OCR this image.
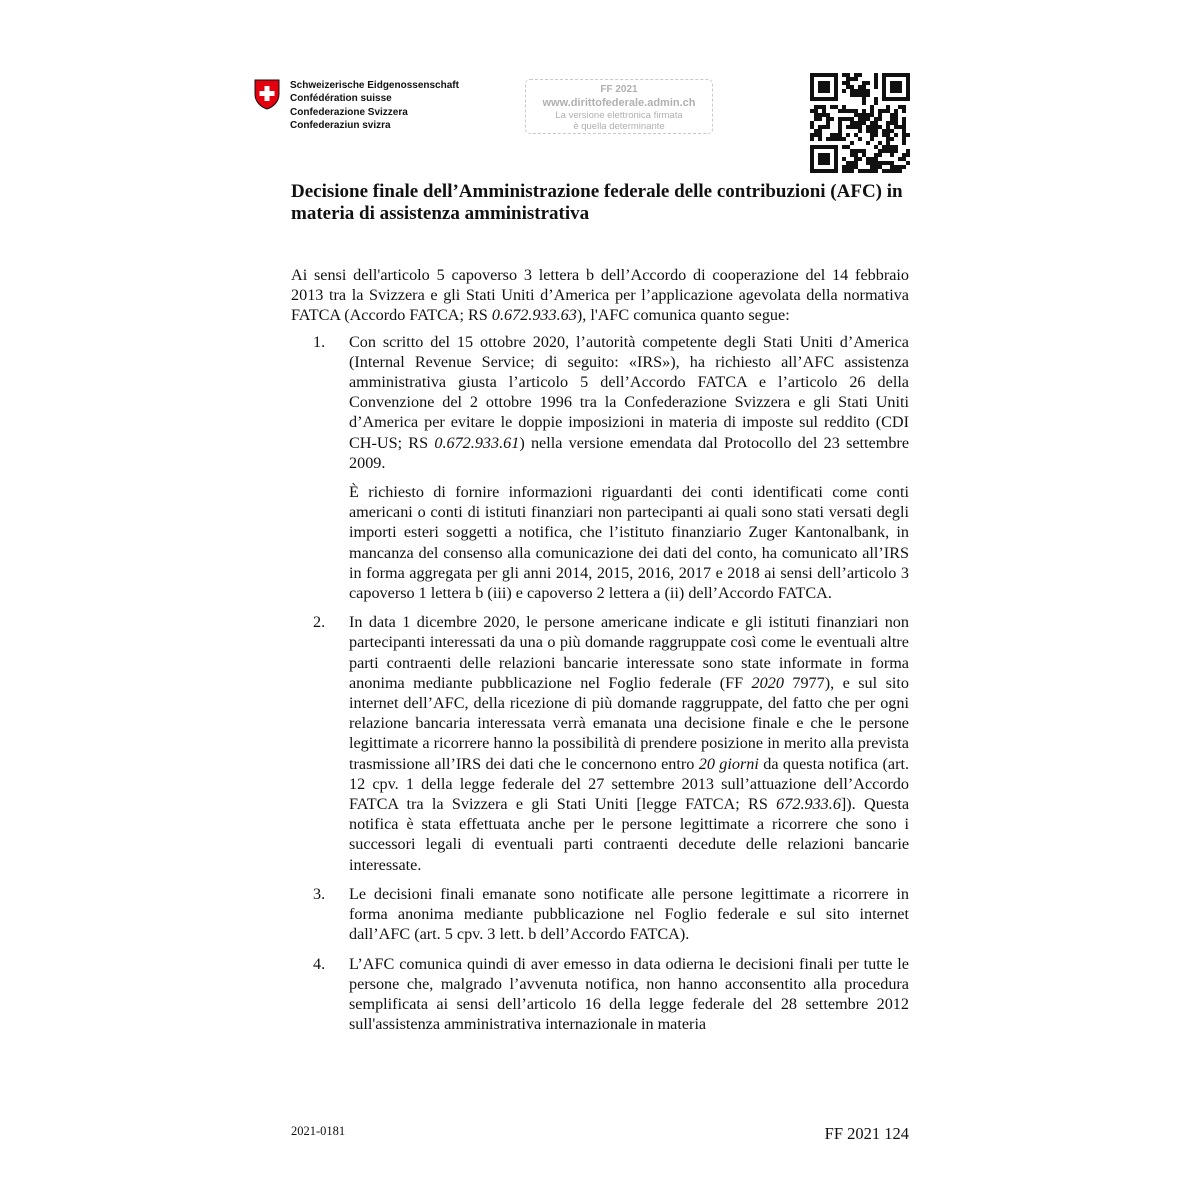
Schweizerische Eidgenossenschaft
Confédération suisse
Confederazione Svizzera
Confederaziun svizra
FF 2021
www.dirittofederale.admin.ch
La versione elettronica firmata
è quella determinante
Decisione finale dell’Amministrazione federale delle contribuzioni (AFC) in materia di assistenza amministrativa

Ai sensi dell'articolo 5 capoverso 3 lettera b dell’Accordo di cooperazione del 14 febbraio 2013 tra la Svizzera e gli Stati Uniti d’America per l’applicazione agevolata della normativa FATCA (Accordo FATCA; RS 0.672.933.63), l'AFC comunica quanto segue:

1.	Con scritto del 15 ottobre 2020, l’autorità competente degli Stati Uniti d’America (Internal Revenue Service; di seguito: «IRS»), ha richiesto all’AFC assistenza amministrativa giusta l’articolo 5 dell’Accordo FATCA e l’articolo 26 della Convenzione del 2 ottobre 1996 tra la Confederazione Svizzera e gli Stati Uniti d’America per evitare le doppie imposizioni in materia di imposte sul reddito (CDI CH-US; RS 0.672.933.61) nella versione emendata dal Protocollo del 23 settembre 2009.

È richiesto di fornire informazioni riguardanti dei conti identificati come conti americani o conti di istituti finanziari non partecipanti ai quali sono stati versati degli importi esteri soggetti a notifica, che l’istituto finanziario Zuger Kantonalbank, in mancanza del consenso alla comunicazione dei dati del conto, ha comunicato all’IRS in forma aggregata per gli anni 2014, 2015, 2016, 2017 e 2018 ai sensi dell’articolo 3 capoverso 1 lettera b (iii) e capoverso 2 lettera a (ii) dell’Accordo FATCA.

2.	In data 1 dicembre 2020, le persone americane indicate e gli istituti finanziari non partecipanti interessati da una o più domande raggruppate così come le eventuali altre parti contraenti delle relazioni bancarie interessate sono state informate in forma anonima mediante pubblicazione nel Foglio federale (FF 2020 7977), e sul sito internet dell’AFC, della ricezione di più domande raggruppate, del fatto che per ogni relazione bancaria interessata verrà emanata una decisione finale e che le persone legittimate a ricorrere hanno la possibilità di prendere posizione in merito alla prevista trasmissione all’IRS dei dati che le concernono entro 20 giorni da questa notifica (art. 12 cpv. 1 della legge federale del 27 settembre 2013 sull’attuazione dell’Accordo FATCA tra la Svizzera e gli Stati Uniti [legge FATCA; RS 672.933.6]). Questa notifica è stata effettuata anche per le persone legittimate a ricorrere che sono i successori legali di eventuali parti contraenti decedute delle relazioni bancarie interessate.

3.	Le decisioni finali emanate sono notificate alle persone legittimate a ricorrere in forma anonima mediante pubblicazione nel Foglio federale e sul sito internet dall’AFC (art. 5 cpv. 3 lett. b dell’Accordo FATCA).

4.	L’AFC comunica quindi di aver emesso in data odierna le decisioni finali per tutte le persone che, malgrado l’avvenuta notifica, non hanno acconsentito alla procedura semplificata ai sensi dell’articolo 16 della legge federale del 28 settembre 2012 sull'assistenza amministrativa internazionale in materia

2021-0181	FF 2021 124
